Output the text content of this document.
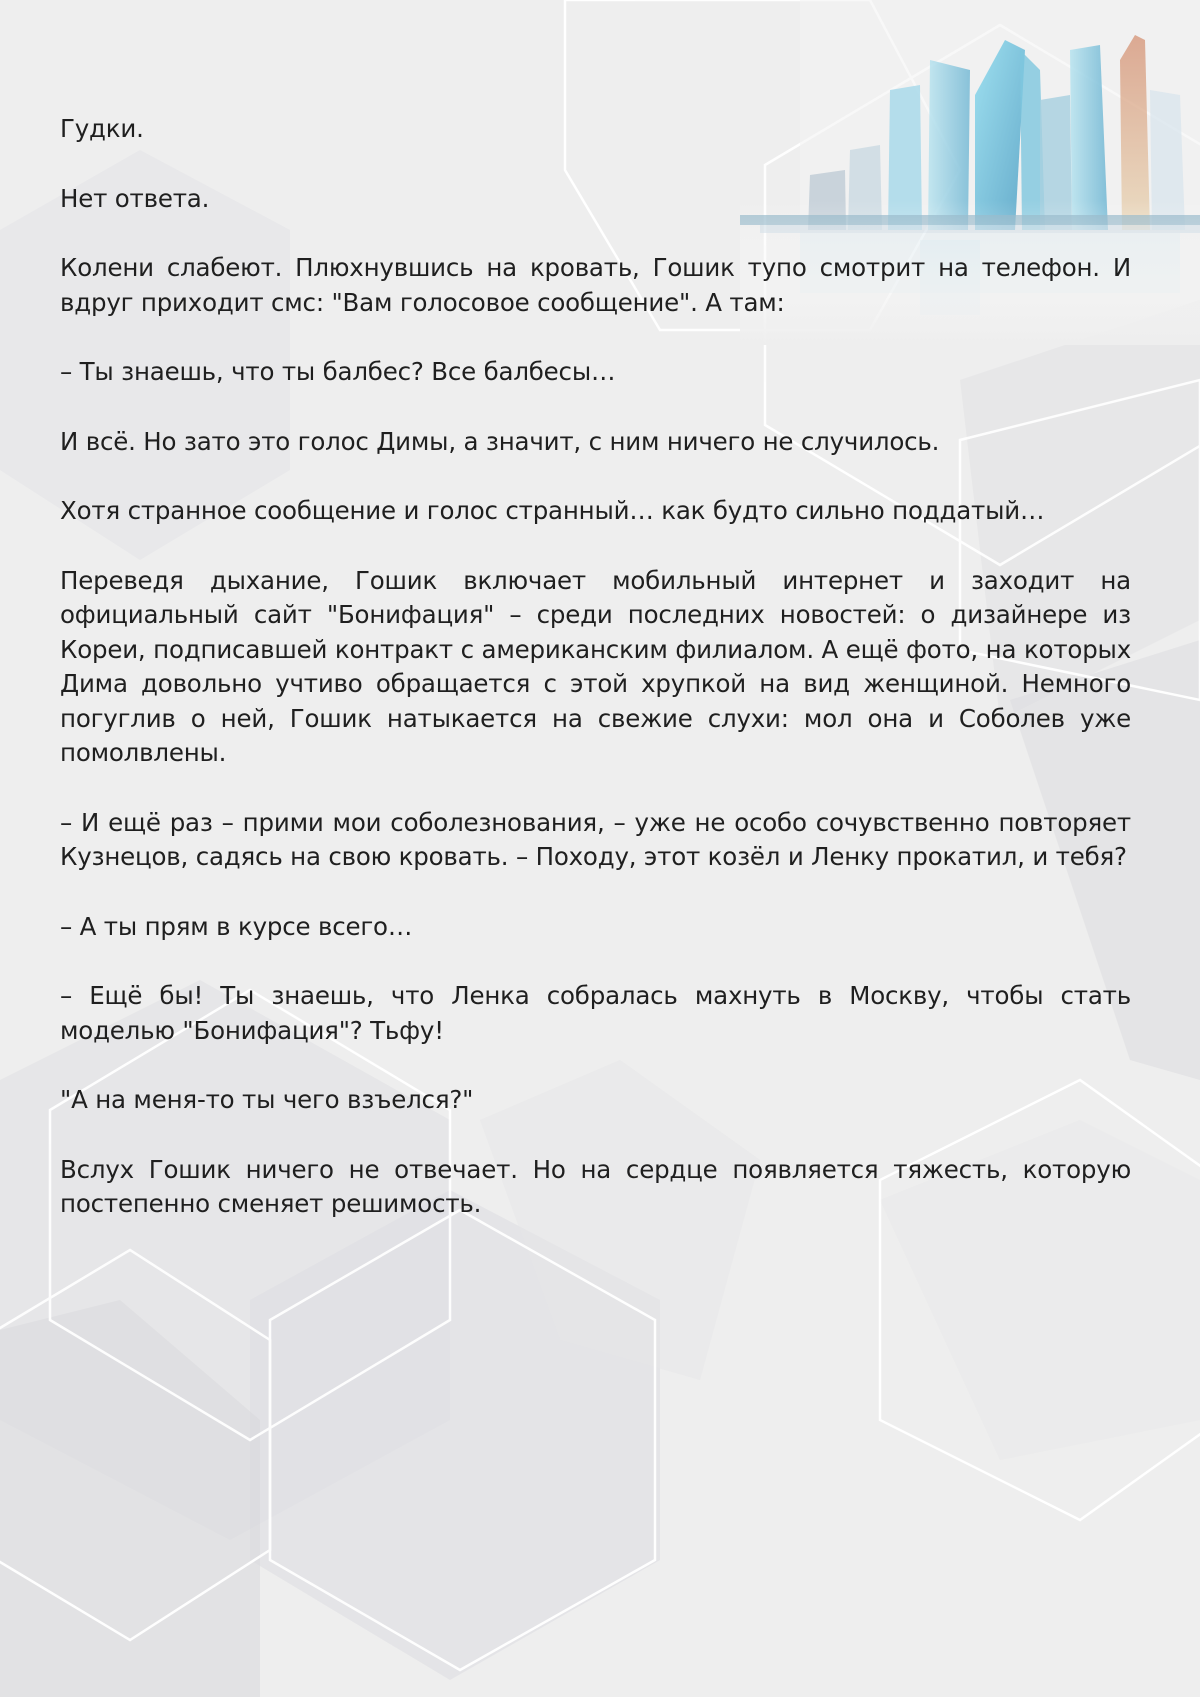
Гудки.

Нет ответа.

Колени слабеют. Плюхнувшись на кровать, Гошик тупо смотрит на телефон. И вдруг приходит смс: "Вам голосовое сообщение". А там:

– Ты знаешь, что ты балбес? Все балбесы…

И всё. Но зато это голос Димы, а значит, с ним ничего не случилось.

Хотя странное сообщение и голос странный… как будто сильно поддатый…

Переведя дыхание, Гошик включает мобильный интернет и заходит на официальный сайт "Бонифация" – среди последних новостей: о дизайнере из Кореи, подписавшей контракт с американским филиалом. А ещё фото, на которых Дима довольно учтиво обращается с этой хрупкой на вид женщиной. Немного погуглив о ней, Гошик натыкается на свежие слухи: мол она и Соболев уже помолвлены.

– И ещё раз – прими мои соболезнования, – уже не особо сочувственно повторяет Кузнецов, садясь на свою кровать. – Походу, этот козёл и Ленку прокатил, и тебя?

– А ты прям в курсе всего…

– Ещё бы! Ты знаешь, что Ленка собралась махнуть в Москву, чтобы стать моделью "Бонифация"? Тьфу!

"А на меня-то ты чего взъелся?"

Вслух Гошик ничего не отвечает. Но на сердце появляется тяжесть, которую постепенно сменяет решимость.
